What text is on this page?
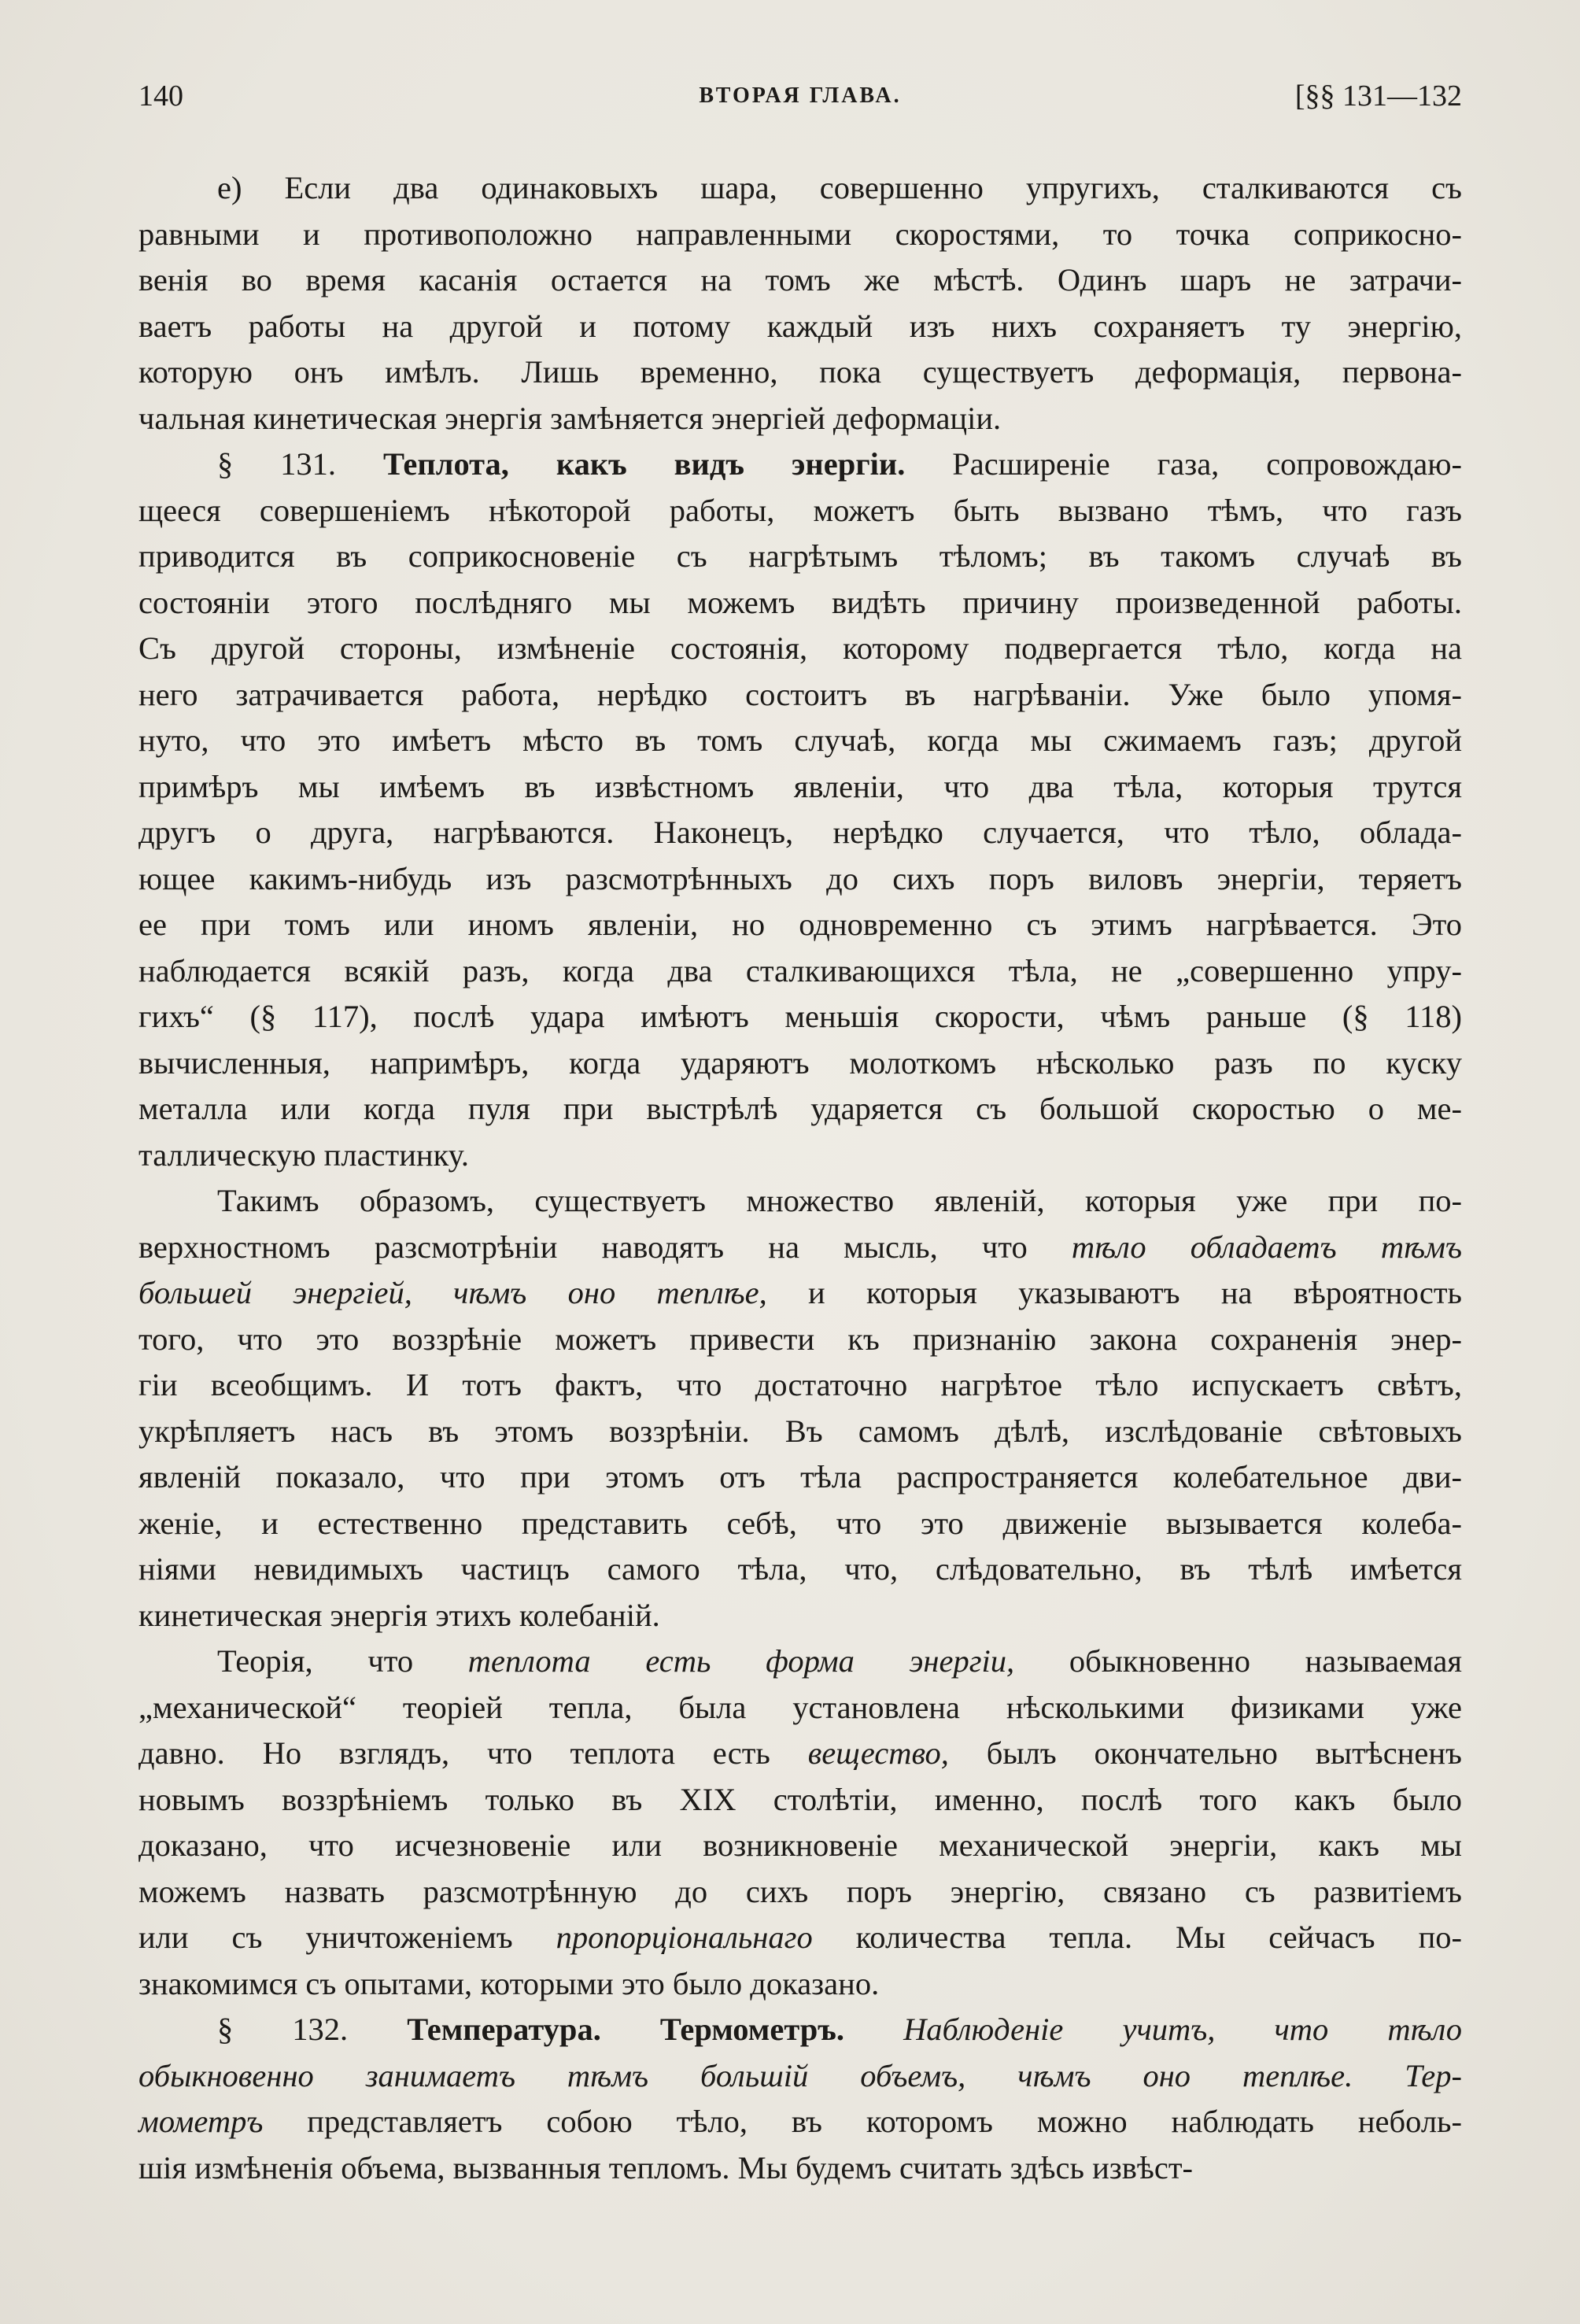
140	ВТОРАЯ ГЛАВА.	[§§ 131—132

e) Если два одинаковыхъ шара, совершенно упругихъ, сталкиваются съ
равными и противоположно направленными скоростями, то точка соприкосно-
венія во время касанія остается на томъ же мѣстѣ. Одинъ шаръ не затрачи-
ваетъ работы на другой и потому каждый изъ нихъ сохраняетъ ту энергію,
которую онъ имѣлъ. Лишь временно, пока существуетъ деформація, первона-
чальная кинетическая энергія замѣняется энергіей деформаціи.

§ 131. Теплота, какъ видъ энергіи. Расширеніе газа, сопровождаю-
щееся совершеніемъ нѣкоторой работы, можетъ быть вызвано тѣмъ, что газъ
приводится въ соприкосновеніе съ нагрѣтымъ тѣломъ; въ такомъ случаѣ въ
состояніи этого послѣдняго мы можемъ видѣть причину произведенной работы.
Съ другой стороны, измѣненіе состоянія, которому подвергается тѣло, когда на
него затрачивается работа, нерѣдко состоитъ въ нагрѣваніи. Уже было упомя-
нуто, что это имѣетъ мѣсто въ томъ случаѣ, когда мы сжимаемъ газъ; другой
примѣръ мы имѣемъ въ извѣстномъ явленіи, что два тѣла, которыя трутся
другъ о друга, нагрѣваются. Наконецъ, нерѣдко случается, что тѣло, облада-
ющее какимъ-нибудь изъ разсмотрѣнныхъ до сихъ поръ виловъ энергіи, теряетъ
ее при томъ или иномъ явленіи, но одновременно съ этимъ нагрѣвается. Это
наблюдается всякій разъ, когда два сталкивающихся тѣла, не „совершенно упру-
гихъ“ (§ 117), послѣ удара имѣютъ меньшія скорости, чѣмъ раньше (§ 118)
вычисленныя, напримѣръ, когда ударяютъ молоткомъ нѣсколько разъ по куску
металла или когда пуля при выстрѣлѣ ударяется съ большой скоростью о ме-
таллическую пластинку.

Такимъ образомъ, существуетъ множество явленій, которыя уже при по-
верхностномъ разсмотрѣніи наводятъ на мысль, что тѣло обладаетъ тѣмъ
большей энергіей, чѣмъ оно теплѣе, и которыя указываютъ на вѣроятность
того, что это воззрѣніе можетъ привести къ признанію закона сохраненія энер-
гіи всеобщимъ. И тотъ фактъ, что достаточно нагрѣтое тѣло испускаетъ свѣтъ,
укрѣпляетъ насъ въ этомъ воззрѣніи. Въ самомъ дѣлѣ, изслѣдованіе свѣтовыхъ
явленій показало, что при этомъ отъ тѣла распространяется колебательное дви-
женіе, и естественно представить себѣ, что это движеніе вызывается колеба-
ніями невидимыхъ частицъ самого тѣла, что, слѣдовательно, въ тѣлѣ имѣется
кинетическая энергія этихъ колебаній.

Теорія, что теплота есть форма энергіи, обыкновенно называемая
„механической“ теоріей тепла, была установлена нѣсколькими физиками уже
давно. Но взглядъ, что теплота есть вещество, былъ окончательно вытѣсненъ
новымъ воззрѣніемъ только въ XIX столѣтіи, именно, послѣ того какъ было
доказано, что исчезновеніе или возникновеніе механической энергіи, какъ мы
можемъ назвать разсмотрѣнную до сихъ поръ энергію, связано съ развитіемъ
или съ уничтоженіемъ пропорціональнаго количества тепла. Мы сейчасъ по-
знакомимся съ опытами, которыми это было доказано.

§ 132. Температура. Термометръ. Наблюденіе учитъ, что тѣло
обыкновенно занимаетъ тѣмъ большій объемъ, чѣмъ оно теплѣе. Тер-
мометръ представляетъ собою тѣло, въ которомъ можно наблюдать неболь-
шія измѣненія объема, вызванныя тепломъ. Мы будемъ считать здѣсь извѣст-
